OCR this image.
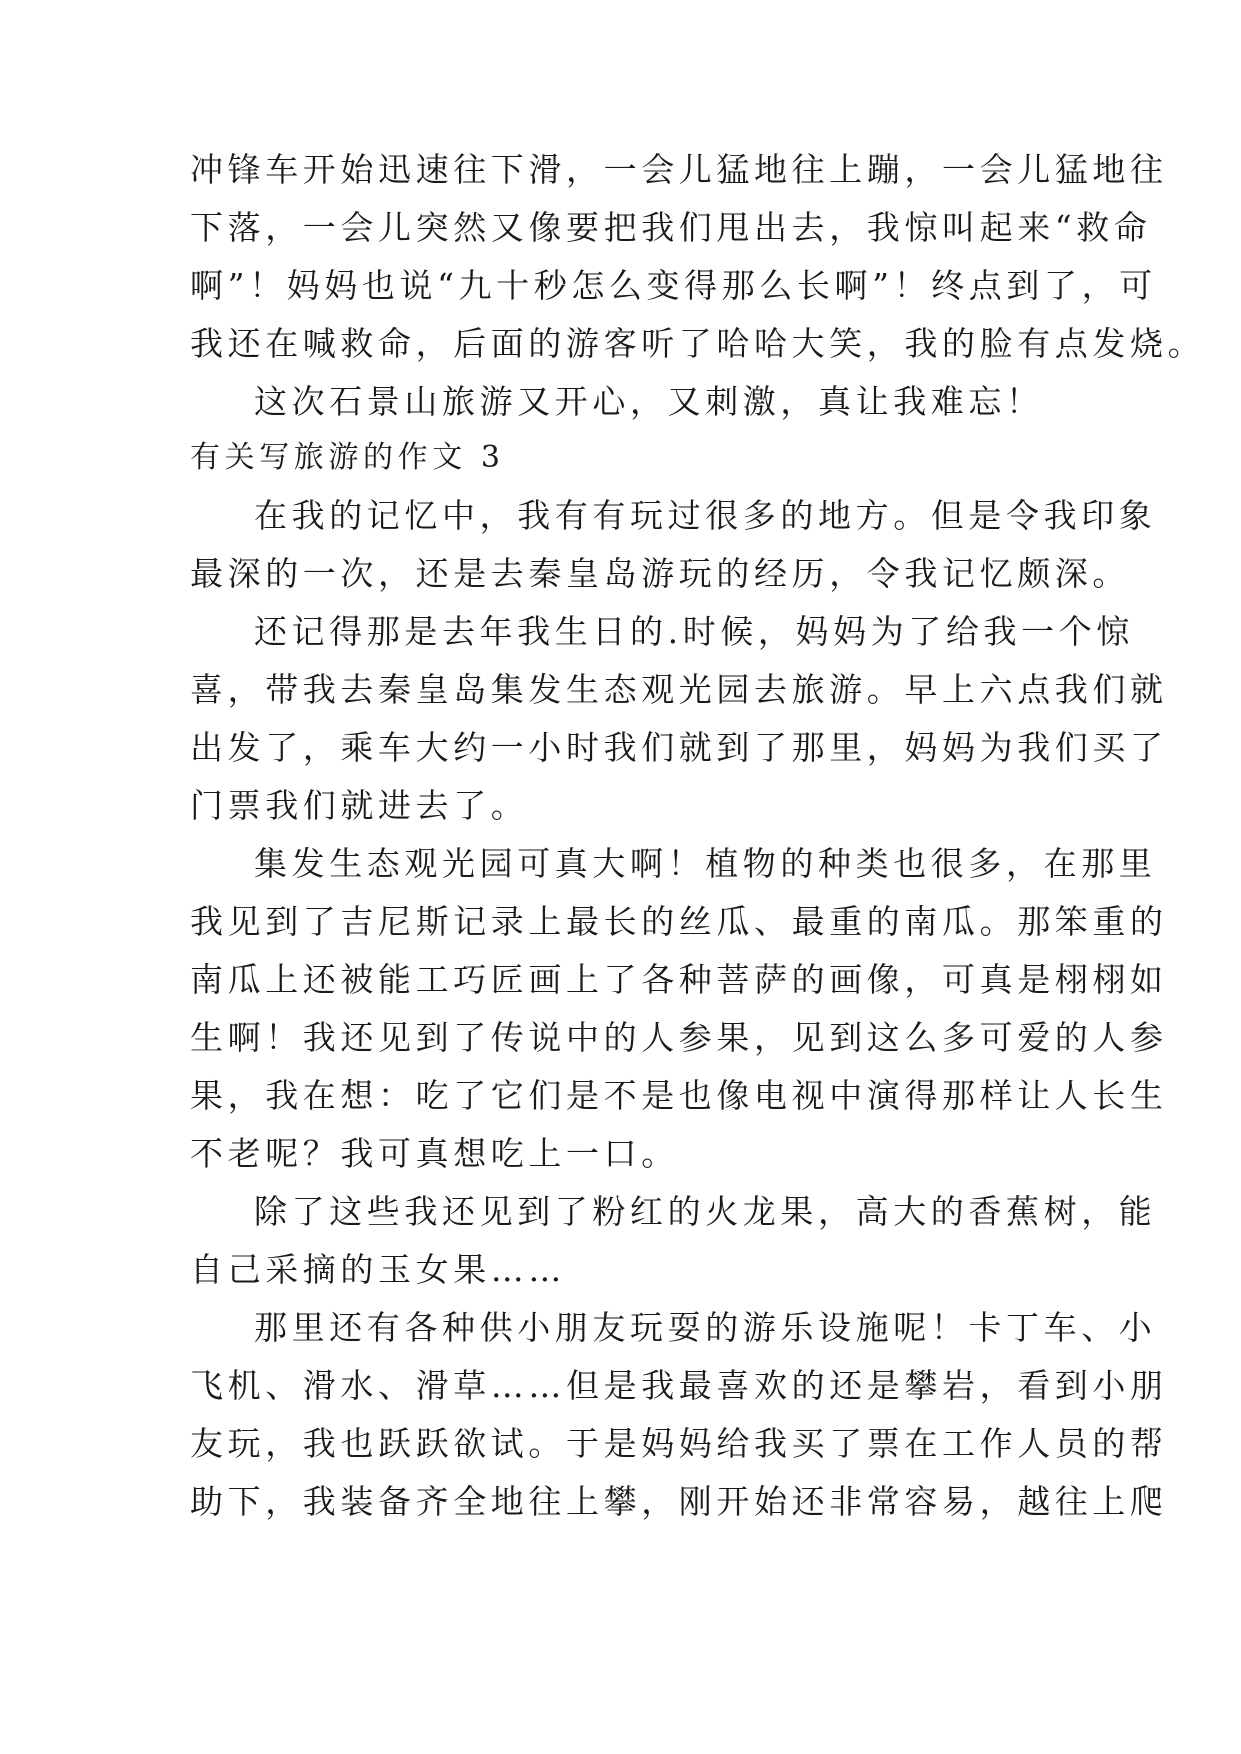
冲锋车开始迅速往下滑，一会儿猛地往上蹦，一会儿猛地往
下落，一会儿突然又像要把我们甩出去，我惊叫起来“救命
啊”！妈妈也说“九十秒怎么变得那么长啊”！终点到了，可
我还在喊救命，后面的游客听了哈哈大笑，我的脸有点发烧。
这次石景山旅游又开心，又刺激，真让我难忘！
有关写旅游的作文 3
在我的记忆中，我有有玩过很多的地方。但是令我印象
最深的一次，还是去秦皇岛游玩的经历，令我记忆颇深。
还记得那是去年我生日的.时候，妈妈为了给我一个惊
喜，带我去秦皇岛集发生态观光园去旅游。早上六点我们就
出发了，乘车大约一小时我们就到了那里，妈妈为我们买了
门票我们就进去了。
集发生态观光园可真大啊！植物的种类也很多，在那里
我见到了吉尼斯记录上最长的丝瓜、最重的南瓜。那笨重的
南瓜上还被能工巧匠画上了各种菩萨的画像，可真是栩栩如
生啊！我还见到了传说中的人参果，见到这么多可爱的人参
果，我在想：吃了它们是不是也像电视中演得那样让人长生
不老呢？我可真想吃上一口。
除了这些我还见到了粉红的火龙果，高大的香蕉树，能
自己采摘的玉女果……
那里还有各种供小朋友玩耍的游乐设施呢！卡丁车、小
飞机、滑水、滑草……但是我最喜欢的还是攀岩，看到小朋
友玩，我也跃跃欲试。于是妈妈给我买了票在工作人员的帮
助下，我装备齐全地往上攀，刚开始还非常容易，越往上爬
